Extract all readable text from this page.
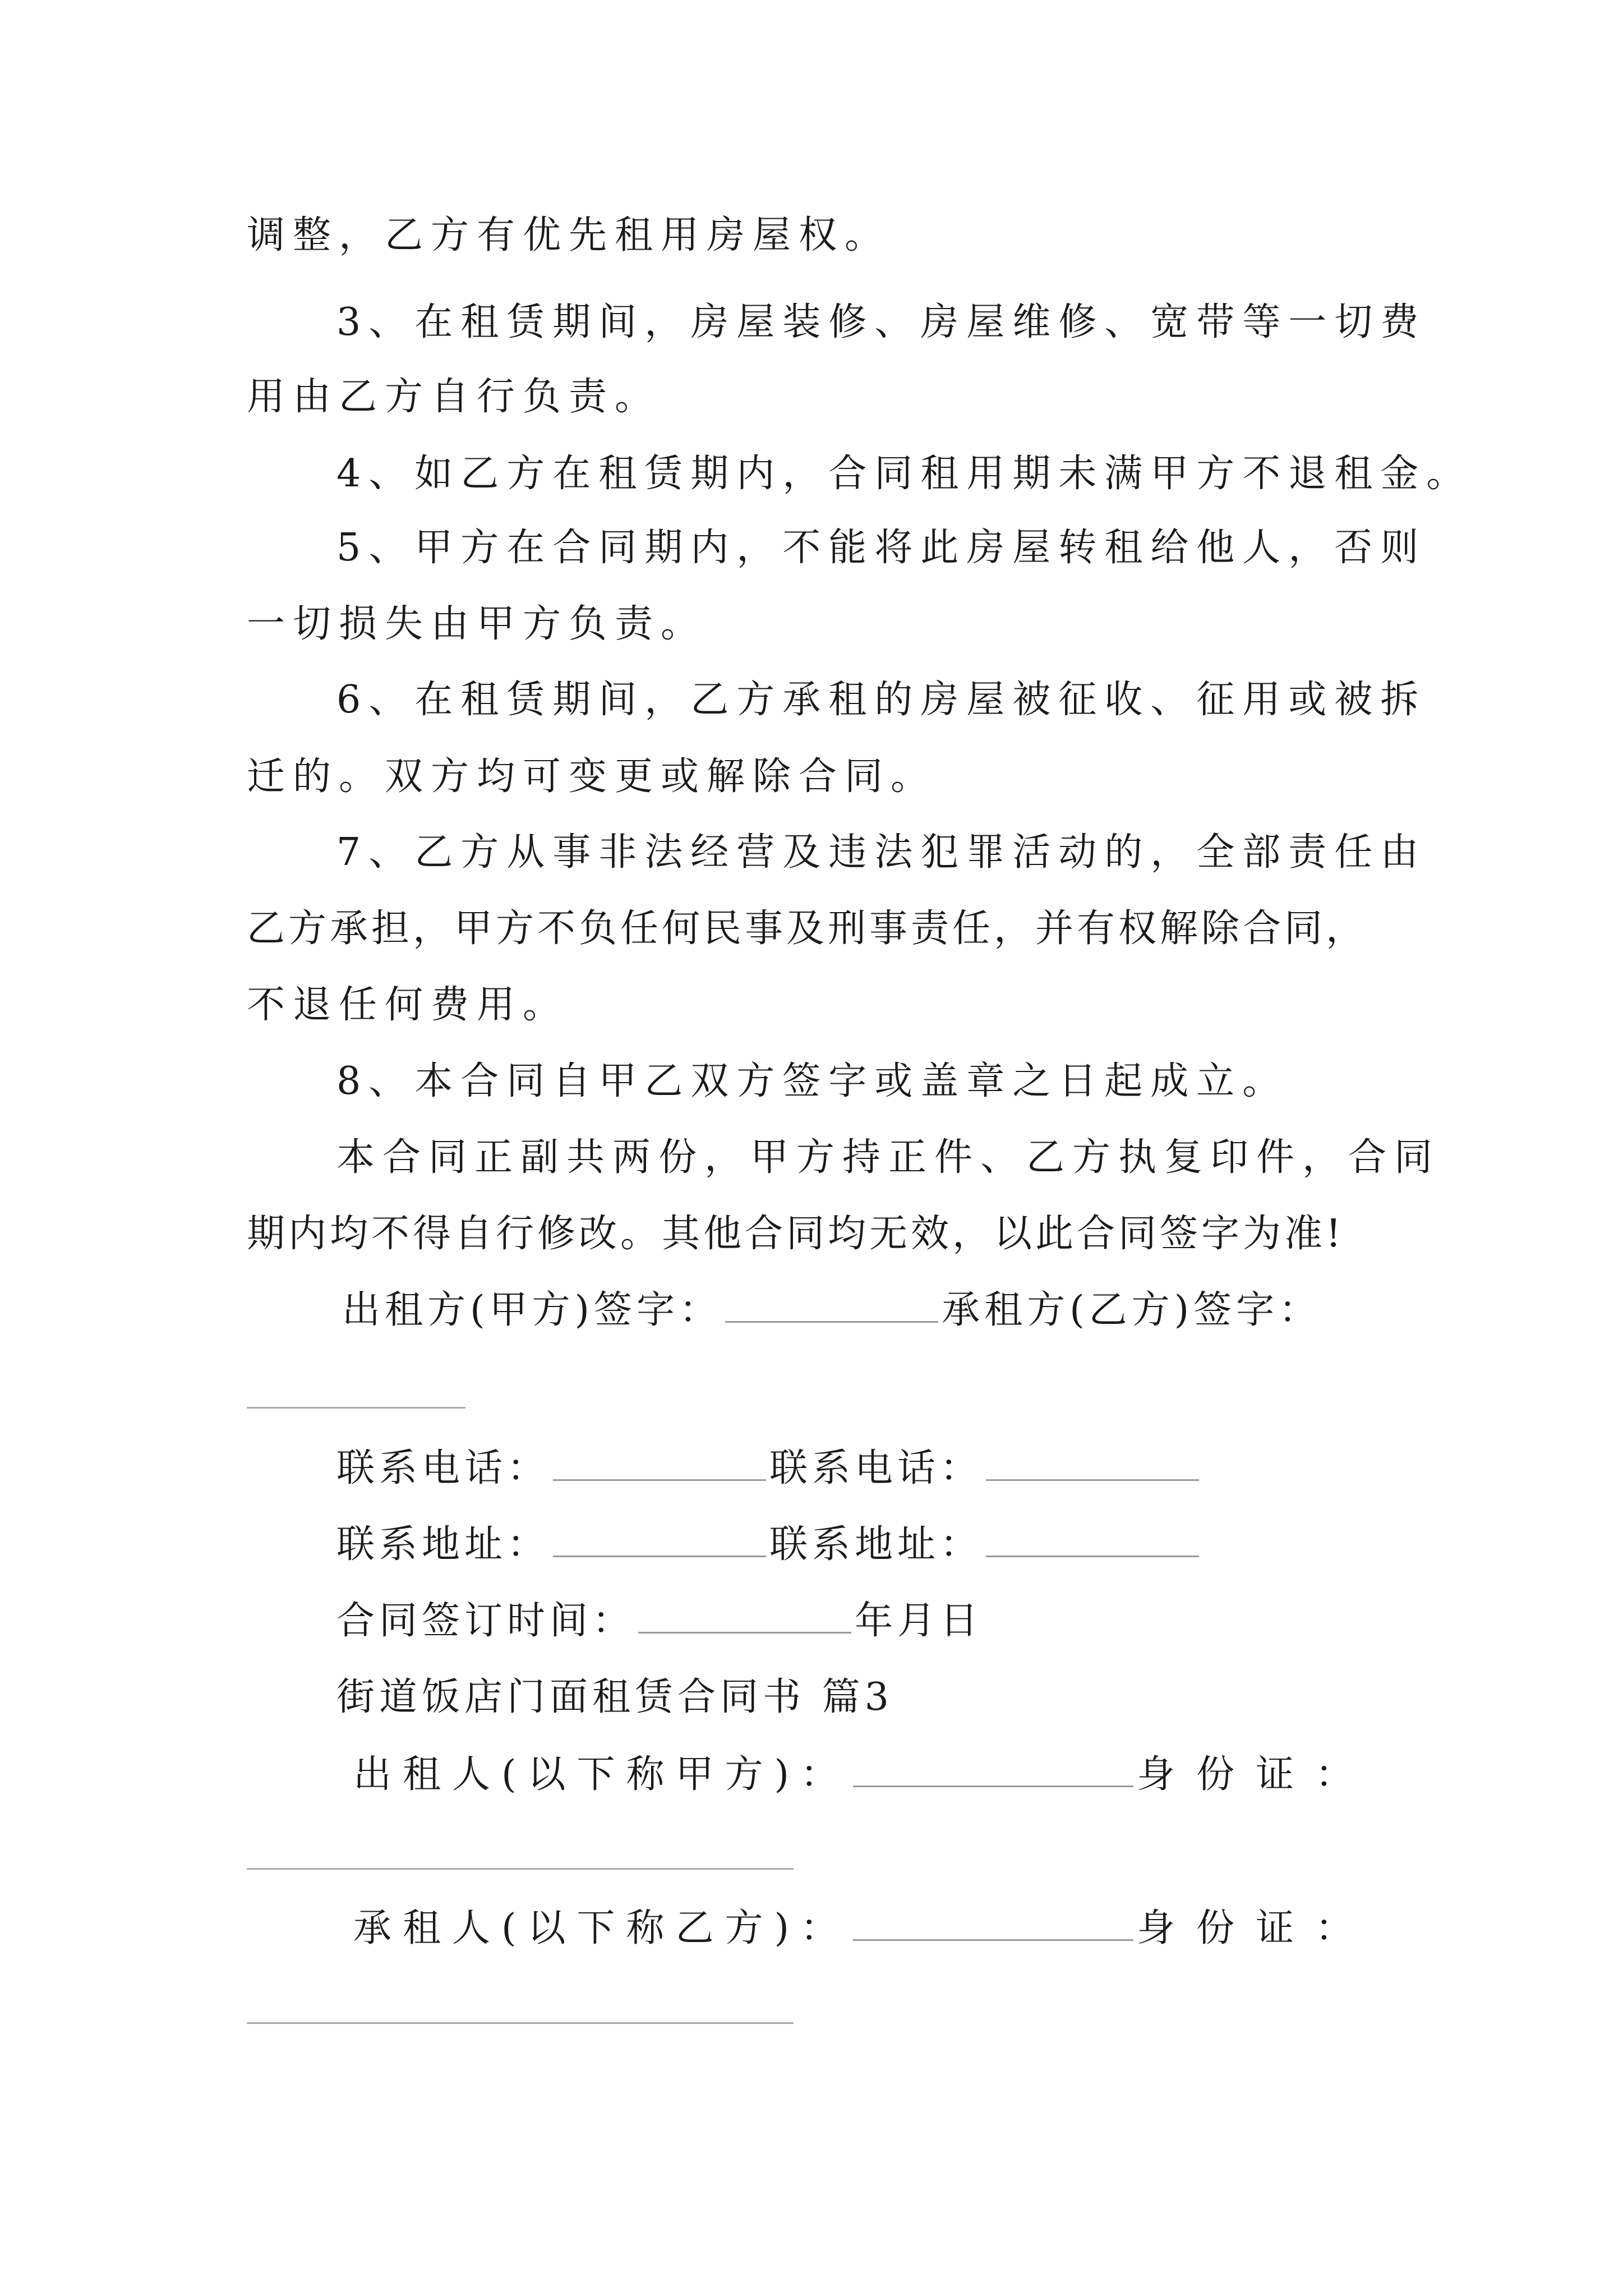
调整，乙方有优先租用房屋权。
3、在租赁期间，房屋装修、房屋维修、宽带等一切费
用由乙方自行负责。
4、如乙方在租赁期内，合同租用期未满甲方不退租金。
5、甲方在合同期内，不能将此房屋转租给他人，否则
一切损失由甲方负责。
6、在租赁期间，乙方承租的房屋被征收、征用或被拆
迁的。双方均可变更或解除合同。
7、乙方从事非法经营及违法犯罪活动的，全部责任由
乙方承担，甲方不负任何民事及刑事责任，并有权解除合同，
不退任何费用。
8、本合同自甲乙双方签字或盖章之日起成立。
本合同正副共两份，甲方持正件、乙方执复印件，合同
期内均不得自行修改。其他合同均无效，以此合同签字为准!
出租方(甲方)签字：	承租方(乙方)签字：
联系电话：	联系电话：
联系地址：	联系地址：
合同签订时间：	年月日
街道饭店门面租赁合同书 篇3
出租人(以下称甲方)：	身份证：
承租人(以下称乙方)：	身份证：
